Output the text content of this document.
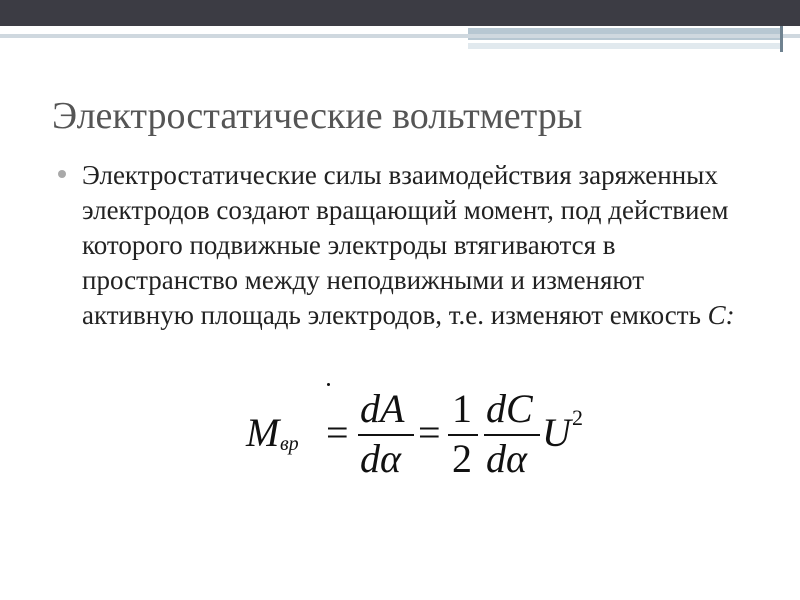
Электростатические вольтметры
Электростатические силы взаимодействия заряженных электродов создают вращающий момент, под действием которого подвижные электроды втягиваются в пространство между неподвижными и изменяют активную площадь электродов, т.е. изменяют емкость C:
M вр =
dA
dα
=
1
2
dC
dα
U 2
